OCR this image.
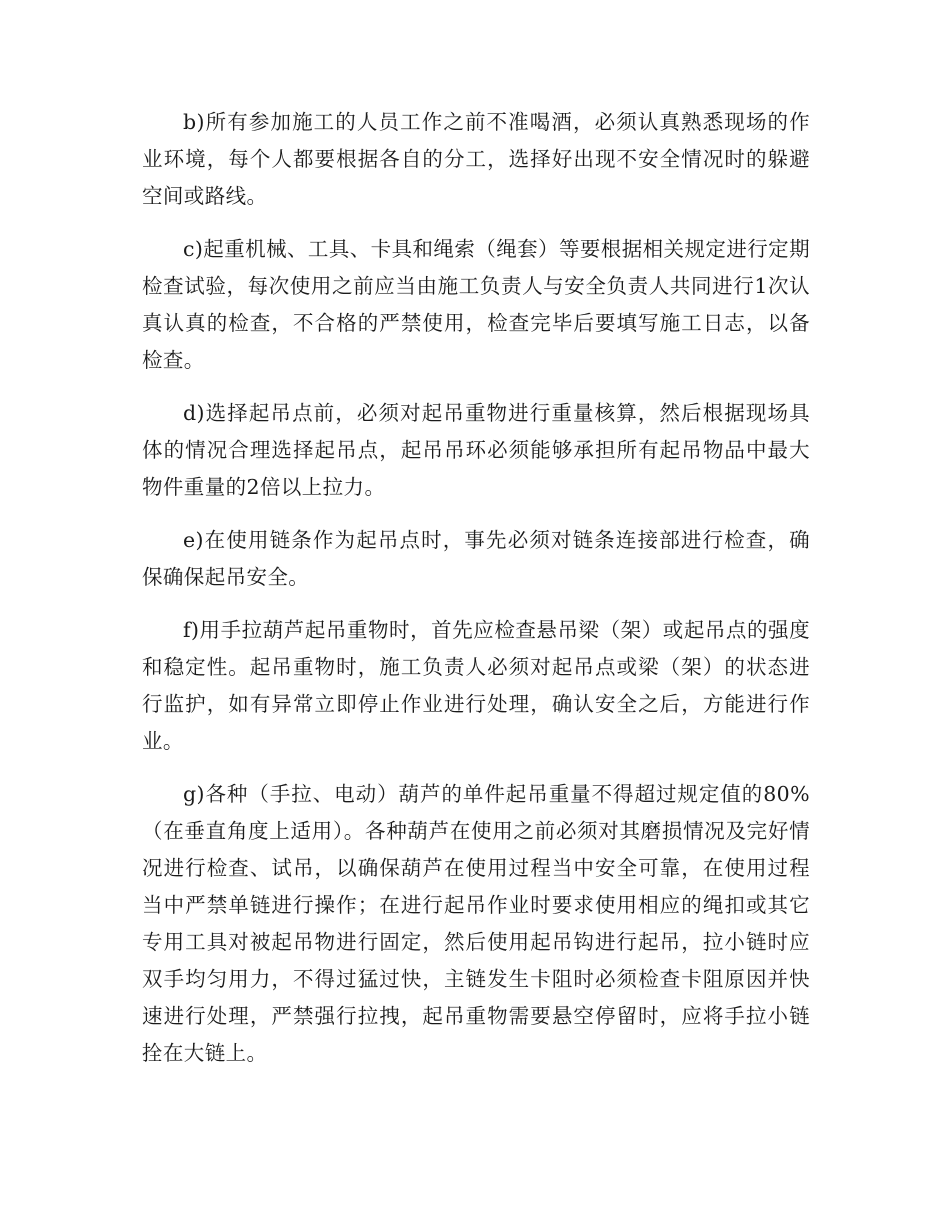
b)所有参加施工的人员工作之前不准喝酒，必须认真熟悉现场的作业环境，每个人都要根据各自的分工，选择好出现不安全情况时的躲避空间或路线。

c)起重机械、工具、卡具和绳索（绳套）等要根据相关规定进行定期检查试验，每次使用之前应当由施工负责人与安全负责人共同进行1次认真认真的检查，不合格的严禁使用，检查完毕后要填写施工日志，以备检查。

d)选择起吊点前，必须对起吊重物进行重量核算，然后根据现场具体的情况合理选择起吊点，起吊吊环必须能够承担所有起吊物品中最大物件重量的2倍以上拉力。

e)在使用链条作为起吊点时，事先必须对链条连接部进行检查，确保确保起吊安全。

f)用手拉葫芦起吊重物时，首先应检查悬吊梁（架）或起吊点的强度和稳定性。起吊重物时，施工负责人必须对起吊点或梁（架）的状态进行监护，如有异常立即停止作业进行处理，确认安全之后，方能进行作业。

g)各种（手拉、电动）葫芦的单件起吊重量不得超过规定值的80%（在垂直角度上适用）。各种葫芦在使用之前必须对其磨损情况及完好情况进行检查、试吊，以确保葫芦在使用过程当中安全可靠，在使用过程当中严禁单链进行操作；在进行起吊作业时要求使用相应的绳扣或其它专用工具对被起吊物进行固定，然后使用起吊钩进行起吊，拉小链时应双手均匀用力，不得过猛过快，主链发生卡阻时必须检查卡阻原因并快速进行处理，严禁强行拉拽，起吊重物需要悬空停留时，应将手拉小链拴在大链上。
